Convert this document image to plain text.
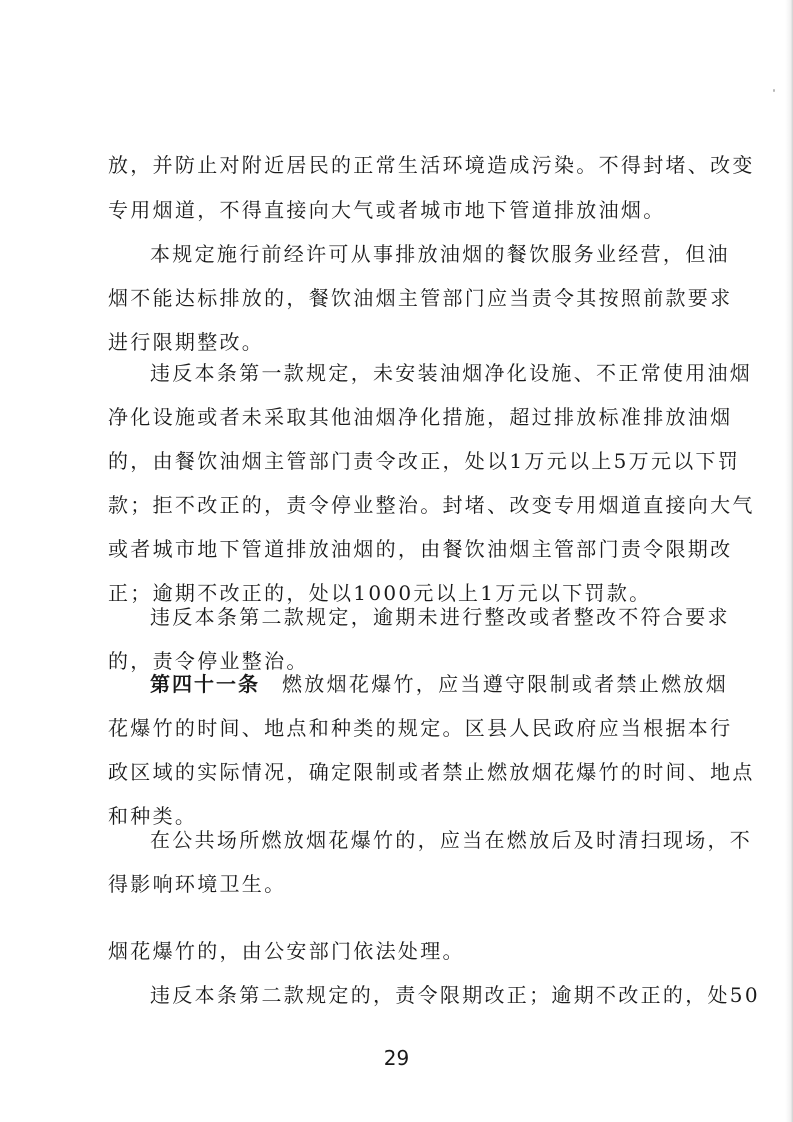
放，并防止对附近居民的正常生活环境造成污染。不得封堵、改变
专用烟道，不得直接向大气或者城市地下管道排放油烟。
本规定施行前经许可从事排放油烟的餐饮服务业经营，但油
烟不能达标排放的，餐饮油烟主管部门应当责令其按照前款要求
进行限期整改。
违反本条第一款规定，未安装油烟净化设施、不正常使用油烟
净化设施或者未采取其他油烟净化措施，超过排放标准排放油烟
的，由餐饮油烟主管部门责令改正，处以1万元以上5万元以下罚
款；拒不改正的，责令停业整治。封堵、改变专用烟道直接向大气
或者城市地下管道排放油烟的，由餐饮油烟主管部门责令限期改
正；逾期不改正的，处以1000元以上1万元以下罚款。
违反本条第二款规定，逾期未进行整改或者整改不符合要求
的，责令停业整治。
第四十一条 燃放烟花爆竹，应当遵守限制或者禁止燃放烟
花爆竹的时间、地点和种类的规定。区县人民政府应当根据本行
政区域的实际情况，确定限制或者禁止燃放烟花爆竹的时间、地点
和种类。
在公共场所燃放烟花爆竹的，应当在燃放后及时清扫现场，不
得影响环境卫生。
烟花爆竹的，由公安部门依法处理。
违反本条第二款规定的，责令限期改正；逾期不改正的，处50
29
